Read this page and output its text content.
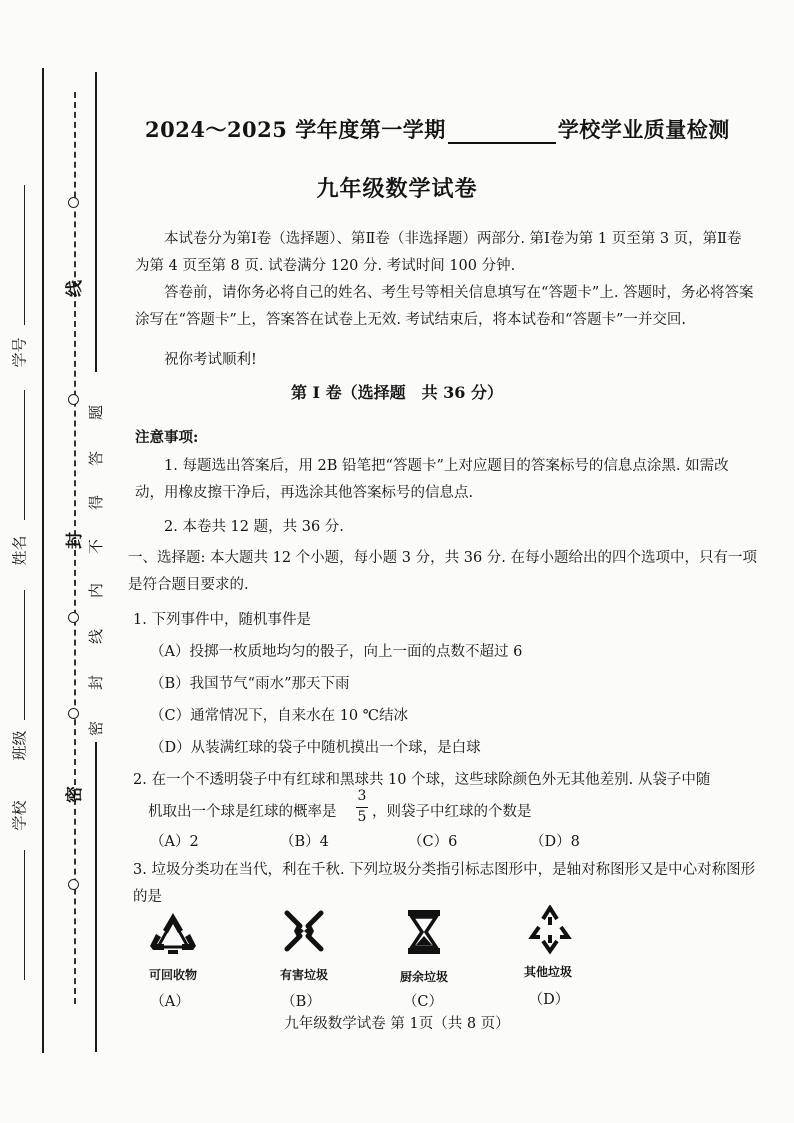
学号
姓名
班级
学校
线
封
密
题
答
得
不
内
线
封
密
2024～2025 学年度第一学期	学校学业质量检测
九年级数学试卷

本试卷分为第Ⅰ卷（选择题）、第Ⅱ卷（非选择题）两部分. 第Ⅰ卷为第 1 页至第 3 页，第Ⅱ卷为第 4 页至第 8 页. 试卷满分 120 分. 考试时间 100 分钟.

答卷前，请你务必将自己的姓名、考生号等相关信息填写在“答题卡”上. 答题时，务必将答案涂写在“答题卡”上，答案答在试卷上无效. 考试结束后，将本试卷和“答题卡”一并交回.

祝你考试顺利!

第 Ⅰ 卷（选择题　共 36 分）
注意事项:

1. 每题选出答案后，用 2B 铅笔把“答题卡”上对应题目的答案标号的信息点涂黑. 如需改动，用橡皮擦干净后，再选涂其他答案标号的信息点.

2. 本卷共 12 题，共 36 分.

一、选择题: 本大题共 12 个小题，每小题 3 分，共 36 分. 在每小题给出的四个选项中，只有一项是符合题目要求的.

1. 下列事件中，随机事件是
（A）投掷一枚质地均匀的骰子，向上一面的点数不超过 6
（B）我国节气“雨水”那天下雨
（C）通常情况下，自来水在 10 ℃结冰
（D）从装满红球的袋子中随机摸出一个球，是白球
2. 在一个不透明袋子中有红球和黑球共 10 个球，这些球除颜色外无其他差别. 从袋子中随
机取出一个球是红球的概率是
3
5 ，则袋子中红球的个数是
（A）2	（B）4	（C）6	（D）8

3. 垃圾分类功在当代，利在千秋. 下列垃圾分类指引标志图形中，是轴对称图形又是中心对称图形的是

可回收物
（A）
有害垃圾
（B）
厨余垃圾
（C）
其他垃圾
（D）
九年级数学试卷 第 1页（共 8 页）
